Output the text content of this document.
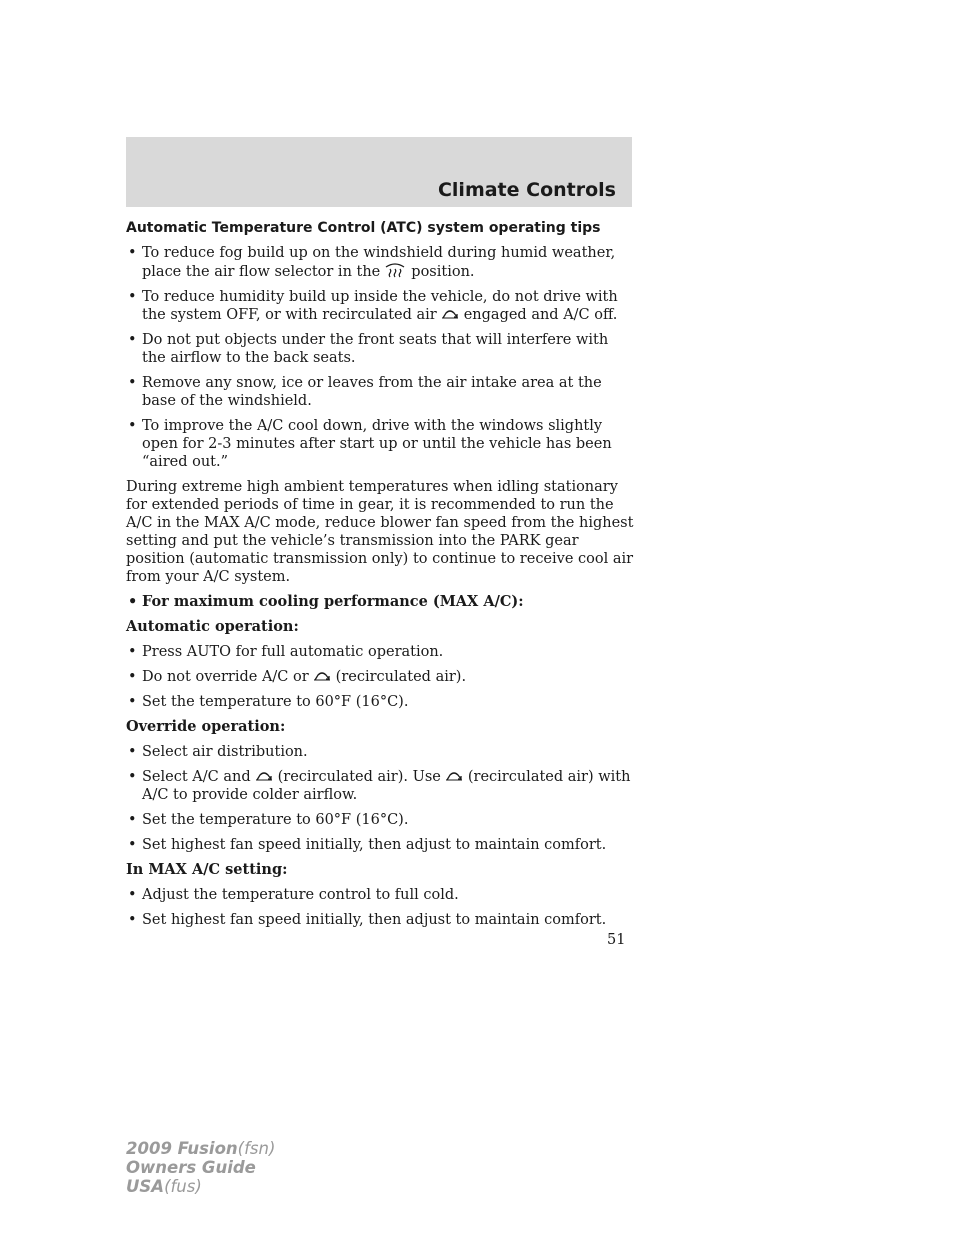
Climate Controls
Automatic Temperature Control (ATC) system operating tips
• To reduce fog build up on the windshield during humid weather, place the air flow selector in the position.
• To reduce humidity build up inside the vehicle, do not drive with the system OFF, or with recirculated air engaged and A/C off.
• Do not put objects under the front seats that will interfere with the airflow to the back seats.
• Remove any snow, ice or leaves from the air intake area at the base of the windshield.
• To improve the A/C cool down, drive with the windows slightly open for 2-3 minutes after start up or until the vehicle has been “aired out.”
During extreme high ambient temperatures when idling stationary for extended periods of time in gear, it is recommended to run the A/C in the MAX A/C mode, reduce blower fan speed from the highest setting and put the vehicle’s transmission into the PARK gear position (automatic transmission only) to continue to receive cool air from your A/C system.
• For maximum cooling performance (MAX A/C):
Automatic operation:
• Press AUTO for full automatic operation.
• Do not override A/C or (recirculated air).
• Set the temperature to 60°F (16°C).
Override operation:
• Select air distribution.
• Select A/C and (recirculated air). Use (recirculated air) with A/C to provide colder airflow.
• Set the temperature to 60°F (16°C).
• Set highest fan speed initially, then adjust to maintain comfort.
In MAX A/C setting:
• Adjust the temperature control to full cold.
• Set highest fan speed initially, then adjust to maintain comfort.
51
2009 Fusion(fsn)
Owners Guide
USA(fus)
